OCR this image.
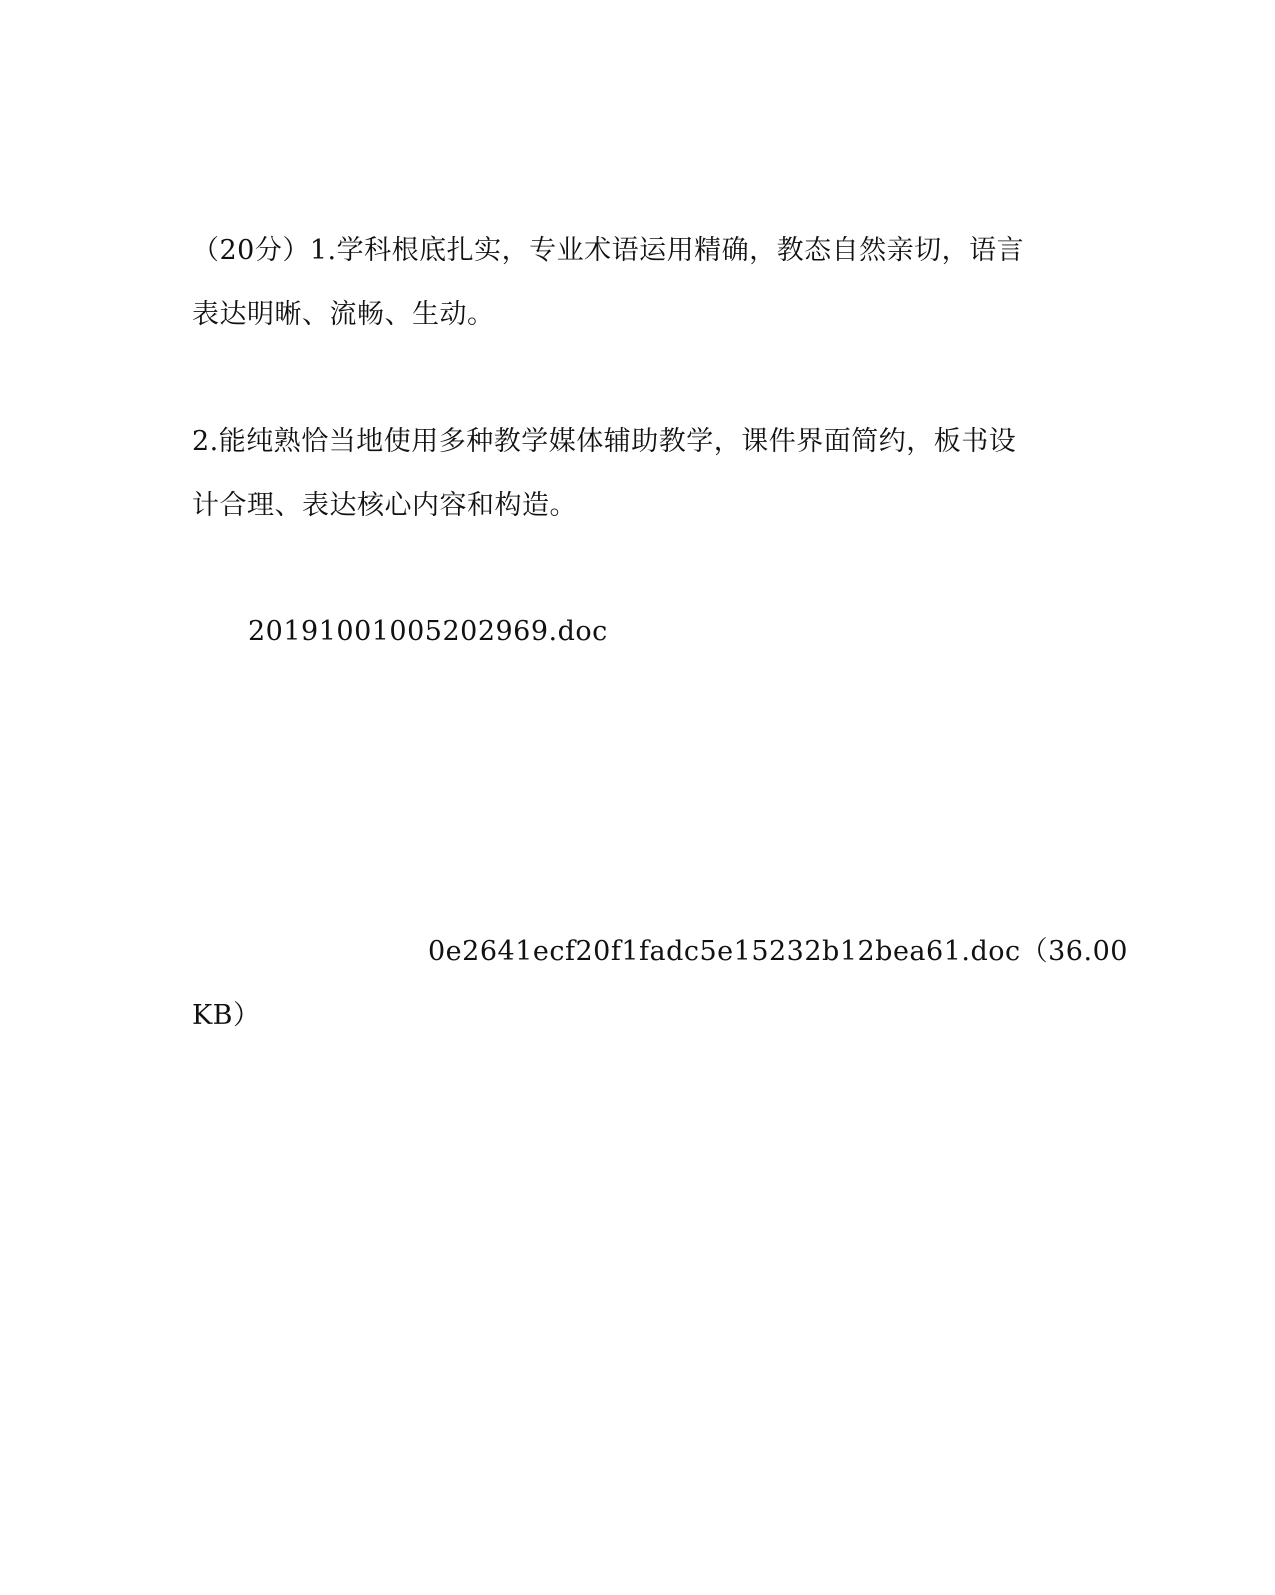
（20分）1.学科根底扎实，专业术语运用精确，教态自然亲切，语言
表达明晰、流畅、生动。

2.能纯熟恰当地使用多种教学媒体辅助教学，课件界面简约，板书设
计合理、表达核心内容和构造。

20191001005202969.doc

0e2641ecf20f1fadc5e15232b12bea61.doc（36.00
KB）
